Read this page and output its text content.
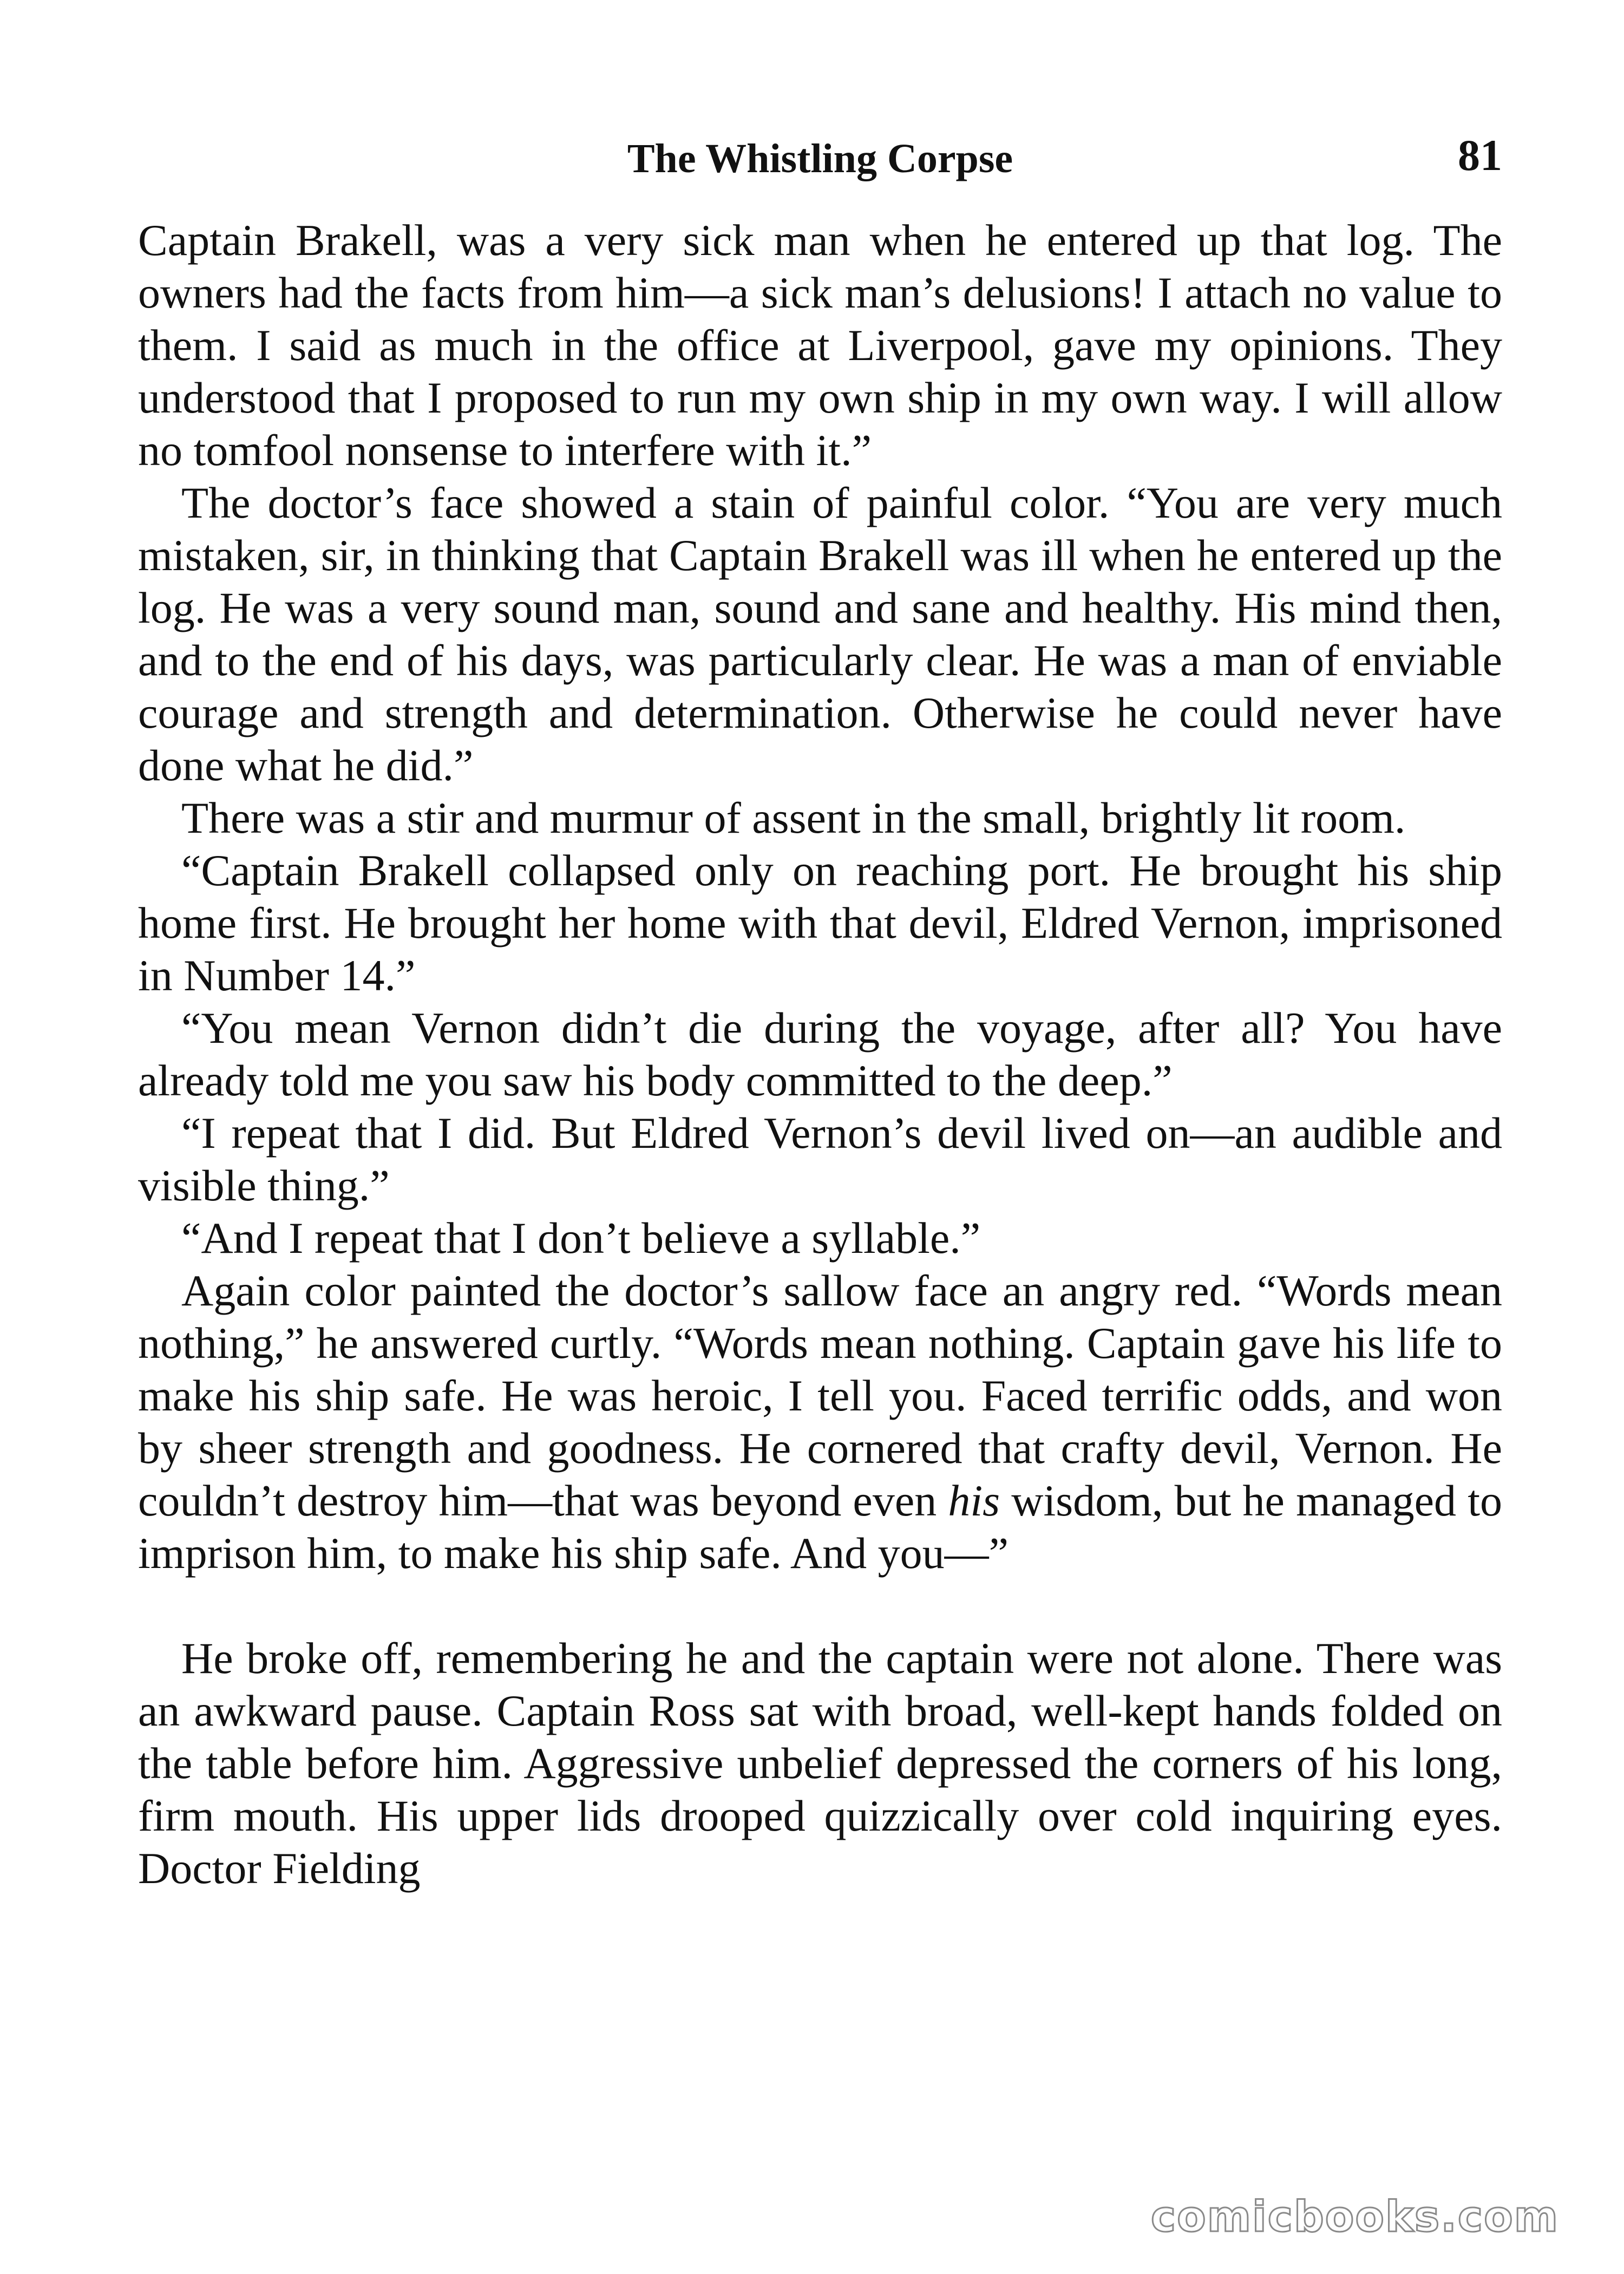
The Whistling Corpse	81

Captain Brakell, was a very sick man when he entered up that log. The owners had the facts from him—a sick man’s delusions! I attach no value to them. I said as much in the office at Liverpool, gave my opinions. They understood that I proposed to run my own ship in my own way. I will allow no tomfool nonsense to interfere with it.”

The doctor’s face showed a stain of painful color. “You are very much mistaken, sir, in thinking that Captain Brakell was ill when he entered up the log. He was a very sound man, sound and sane and healthy. His mind then, and to the end of his days, was particularly clear. He was a man of enviable courage and strength and determination. Otherwise he could never have done what he did.”

There was a stir and murmur of assent in the small, brightly lit room.

“Captain Brakell collapsed only on reaching port. He brought his ship home first. He brought her home with that devil, Eldred Vernon, imprisoned in Number 14.”

“You mean Vernon didn’t die during the voyage, after all? You have already told me you saw his body committed to the deep.”

“I repeat that I did. But Eldred Vernon’s devil lived on—an audible and visible thing.”

“And I repeat that I don’t believe a syllable.”

Again color painted the doctor’s sallow face an angry red. “Words mean nothing,” he answered curtly. “Words mean nothing. Captain gave his life to make his ship safe. He was heroic, I tell you. Faced terrific odds, and won by sheer strength and goodness. He cornered that crafty devil, Vernon. He couldn’t destroy him—that was beyond even his wisdom, but he managed to imprison him, to make his ship safe. And you—”

He broke off, remembering he and the captain were not alone. There was an awkward pause. Captain Ross sat with broad, well-kept hands folded on the table before him. Aggressive unbelief depressed the corners of his long, firm mouth. His upper lids drooped quizzically over cold inquiring eyes. Doctor Fielding

comicbooks.com
